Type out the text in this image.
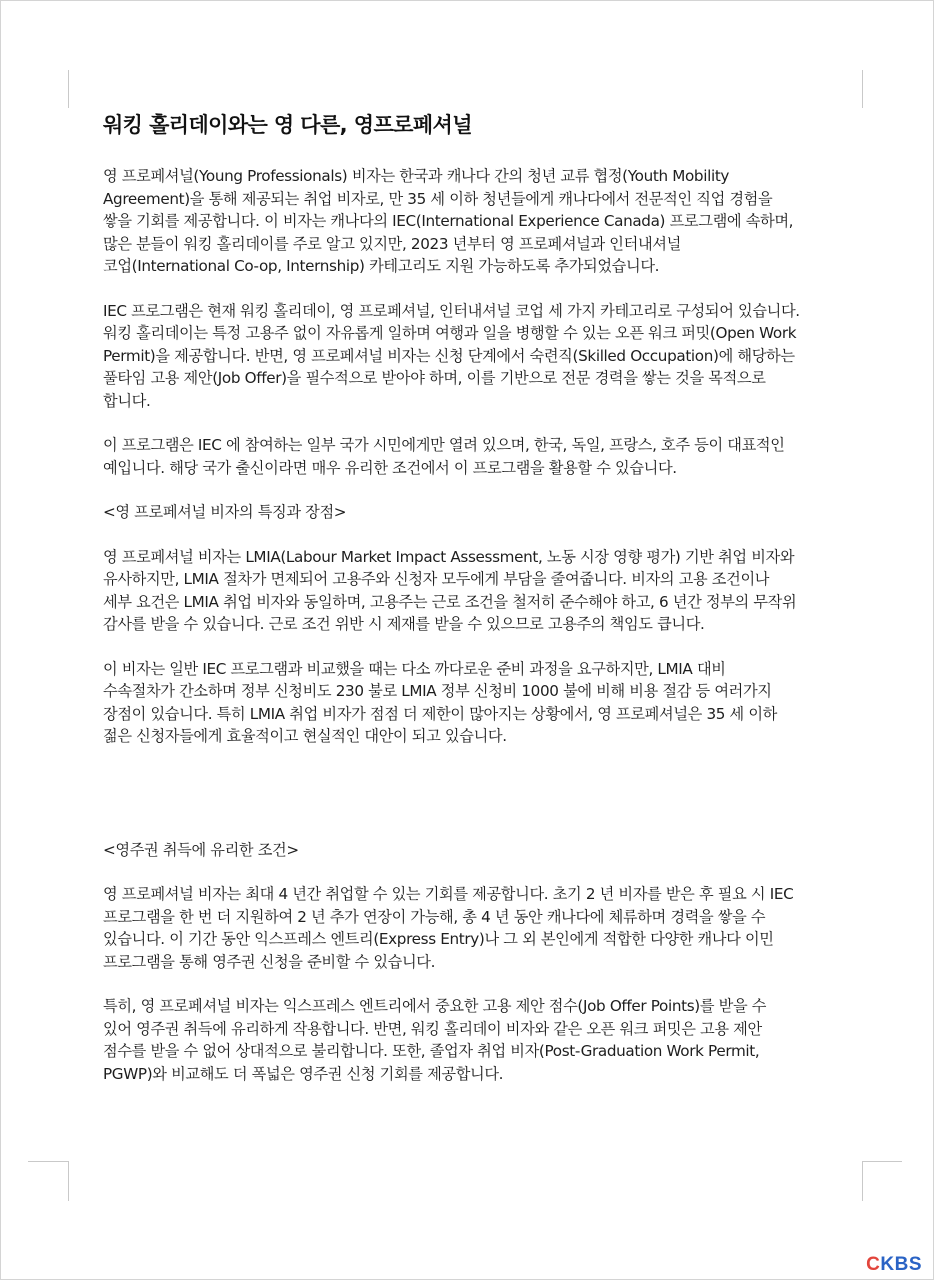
워킹 홀리데이와는 영 다른, 영프로페셔널
영 프로페셔널(Young Professionals) 비자는 한국과 캐나다 간의 청년 교류 협정(Youth Mobility
Agreement)을 통해 제공되는 취업 비자로, 만 35 세 이하 청년들에게 캐나다에서 전문적인 직업 경험을
쌓을 기회를 제공합니다. 이 비자는 캐나다의 IEC(International Experience Canada) 프로그램에 속하며,
많은 분들이 워킹 홀리데이를 주로 알고 있지만, 2023 년부터 영 프로페셔널과 인터내셔널
코업(International Co-op, Internship) 카테고리도 지원 가능하도록 추가되었습니다.
IEC 프로그램은 현재 워킹 홀리데이, 영 프로페셔널, 인터내셔널 코업 세 가지 카테고리로 구성되어 있습니다.
워킹 홀리데이는 특정 고용주 없이 자유롭게 일하며 여행과 일을 병행할 수 있는 오픈 워크 퍼밋(Open Work
Permit)을 제공합니다. 반면, 영 프로페셔널 비자는 신청 단계에서 숙련직(Skilled Occupation)에 해당하는
풀타임 고용 제안(Job Offer)을 필수적으로 받아야 하며, 이를 기반으로 전문 경력을 쌓는 것을 목적으로
합니다.
이 프로그램은 IEC 에 참여하는 일부 국가 시민에게만 열려 있으며, 한국, 독일, 프랑스, 호주 등이 대표적인
예입니다. 해당 국가 출신이라면 매우 유리한 조건에서 이 프로그램을 활용할 수 있습니다.
<영 프로페셔널 비자의 특징과 장점>
영 프로페셔널 비자는 LMIA(Labour Market Impact Assessment, 노동 시장 영향 평가) 기반 취업 비자와
유사하지만, LMIA 절차가 면제되어 고용주와 신청자 모두에게 부담을 줄여줍니다. 비자의 고용 조건이나
세부 요건은 LMIA 취업 비자와 동일하며, 고용주는 근로 조건을 철저히 준수해야 하고, 6 년간 정부의 무작위
감사를 받을 수 있습니다. 근로 조건 위반 시 제재를 받을 수 있으므로 고용주의 책임도 큽니다.
이 비자는 일반 IEC 프로그램과 비교했을 때는 다소 까다로운 준비 과정을 요구하지만, LMIA 대비
수속절차가 간소하며 정부 신청비도 230 불로 LMIA 정부 신청비 1000 불에 비해 비용 절감 등 여러가지
장점이 있습니다. 특히 LMIA 취업 비자가 점점 더 제한이 많아지는 상황에서, 영 프로페셔널은 35 세 이하
젊은 신청자들에게 효율적이고 현실적인 대안이 되고 있습니다.
<영주권 취득에 유리한 조건>
영 프로페셔널 비자는 최대 4 년간 취업할 수 있는 기회를 제공합니다. 초기 2 년 비자를 받은 후 필요 시 IEC
프로그램을 한 번 더 지원하여 2 년 추가 연장이 가능해, 총 4 년 동안 캐나다에 체류하며 경력을 쌓을 수
있습니다. 이 기간 동안 익스프레스 엔트리(Express Entry)나 그 외 본인에게 적합한 다양한 캐나다 이민
프로그램을 통해 영주권 신청을 준비할 수 있습니다.
특히, 영 프로페셔널 비자는 익스프레스 엔트리에서 중요한 고용 제안 점수(Job Offer Points)를 받을 수
있어 영주권 취득에 유리하게 작용합니다. 반면, 워킹 홀리데이 비자와 같은 오픈 워크 퍼밋은 고용 제안
점수를 받을 수 없어 상대적으로 불리합니다. 또한, 졸업자 취업 비자(Post-Graduation Work Permit,
PGWP)와 비교해도 더 폭넓은 영주권 신청 기회를 제공합니다.
CKBS
